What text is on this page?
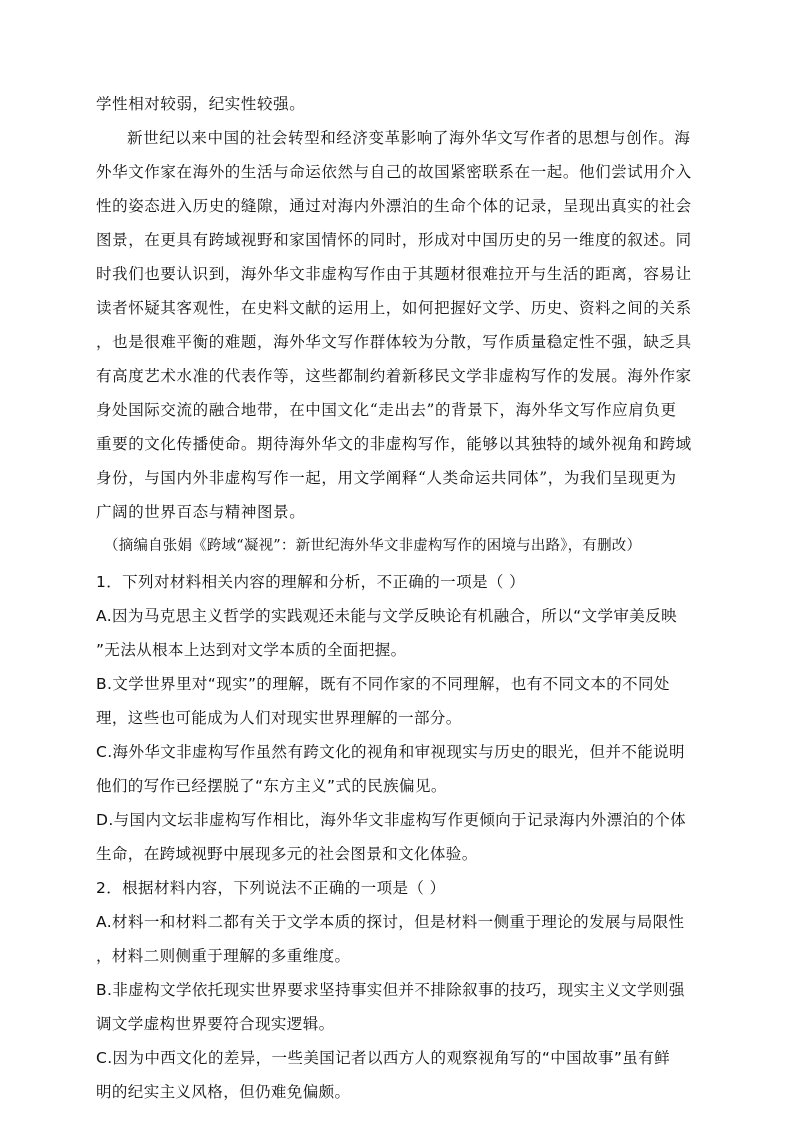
学性相对较弱，纪实性较强。
新世纪以来中国的社会转型和经济变革影响了海外华文写作者的思想与创作。海
外华文作家在海外的生活与命运依然与自己的故国紧密联系在一起。他们尝试用介入
性的姿态进入历史的缝隙，通过对海内外漂泊的生命个体的记录，呈现出真实的社会
图景，在更具有跨域视野和家国情怀的同时，形成对中国历史的另一维度的叙述。同
时我们也要认识到，海外华文非虚构写作由于其题材很难拉开与生活的距离，容易让
读者怀疑其客观性，在史料文献的运用上，如何把握好文学、历史、资料之间的关系
，也是很难平衡的难题，海外华文写作群体较为分散，写作质量稳定性不强，缺乏具
有高度艺术水准的代表作等，这些都制约着新移民文学非虚构写作的发展。海外作家
身处国际交流的融合地带，在中国文化“走出去”的背景下，海外华文写作应肩负更
重要的文化传播使命。期待海外华文的非虚构写作，能够以其独特的域外视角和跨域
身份，与国内外非虚构写作一起，用文学阐释“人类命运共同体”，为我们呈现更为
广阔的世界百态与精神图景。
（摘编自张娟《跨域“凝视”：新世纪海外华文非虚构写作的困境与出路》，有删改）
1．下列对材料相关内容的理解和分析，不正确的一项是（ ）
A.因为马克思主义哲学的实践观还未能与文学反映论有机融合，所以“文学审美反映
”无法从根本上达到对文学本质的全面把握。
B.文学世界里对“现实”的理解，既有不同作家的不同理解，也有不同文本的不同处
理，这些也可能成为人们对现实世界理解的一部分。
C.海外华文非虚构写作虽然有跨文化的视角和审视现实与历史的眼光，但并不能说明
他们的写作已经摆脱了“东方主义”式的民族偏见。
D.与国内文坛非虚构写作相比，海外华文非虚构写作更倾向于记录海内外漂泊的个体
生命，在跨域视野中展现多元的社会图景和文化体验。
2．根据材料内容，下列说法不正确的一项是（ ）
A.材料一和材料二都有关于文学本质的探讨，但是材料一侧重于理论的发展与局限性
，材料二则侧重于理解的多重维度。
B.非虚构文学依托现实世界要求坚持事实但并不排除叙事的技巧，现实主义文学则强
调文学虚构世界要符合现实逻辑。
C.因为中西文化的差异，一些美国记者以西方人的观察视角写的“中国故事”虽有鲜
明的纪实主义风格，但仍难免偏颇。
